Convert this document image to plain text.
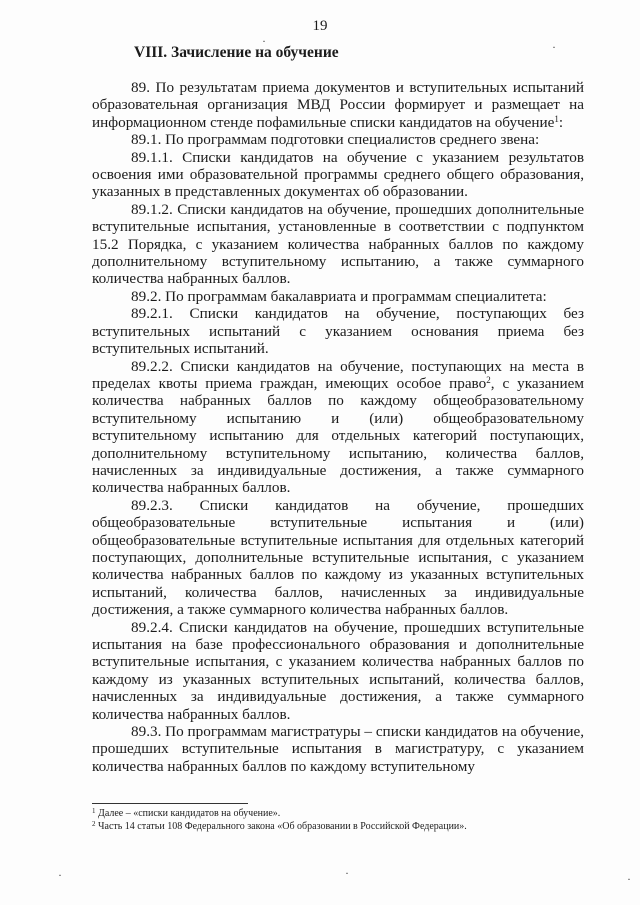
19
VIII. Зачисление на обучение

89. По результатам приема документов и вступительных испытаний образовательная организация МВД России формирует и размещает на информационном стенде пофамильные списки кандидатов на обучение$^1$:

89.1. По программам подготовки специалистов среднего звена:

89.1.1. Списки кандидатов на обучение с указанием результатов освоения ими образовательной программы среднего общего образования, указанных в представленных документах об образовании.

89.1.2. Списки кандидатов на обучение, прошедших дополнительные вступительные испытания, установленные в соответствии с подпунктом 15.2 Порядка, с указанием количества набранных баллов по каждому дополнительному вступительному испытанию, а также суммарного количества набранных баллов.

89.2. По программам бакалавриата и программам специалитета:

89.2.1. Списки кандидатов на обучение, поступающих без вступительных испытаний с указанием основания приема без вступительных испытаний.

89.2.2. Списки кандидатов на обучение, поступающих на места в пределах квоты приема граждан, имеющих особое право$^2$, с указанием количества набранных баллов по каждому общеобразовательному вступительному испытанию и (или) общеобразовательному вступительному испытанию для отдельных категорий поступающих, дополнительному вступительному испытанию, количества баллов, начисленных за индивидуальные достижения, а также суммарного количества набранных баллов.

89.2.3. Списки кандидатов на обучение, прошедших общеобразовательные вступительные испытания и (или) общеобразовательные вступительные испытания для отдельных категорий поступающих, дополнительные вступительные испытания, с указанием количества набранных баллов по каждому из указанных вступительных испытаний, количества баллов, начисленных за индивидуальные достижения, а также суммарного количества набранных баллов.

89.2.4. Списки кандидатов на обучение, прошедших вступительные испытания на базе профессионального образования и дополнительные вступительные испытания, с указанием количества набранных баллов по каждому из указанных вступительных испытаний, количества баллов, начисленных за индивидуальные достижения, а также суммарного количества набранных баллов.

89.3. По программам магистратуры – списки кандидатов на обучение, прошедших вступительные испытания в магистратуру, с указанием количества набранных баллов по каждому вступительному

$^1$ Далее – «списки кандидатов на обучение».
$^2$ Часть 14 статьи 108 Федерального закона «Об образовании в Российской Федерации».
·	·
·	·	·
